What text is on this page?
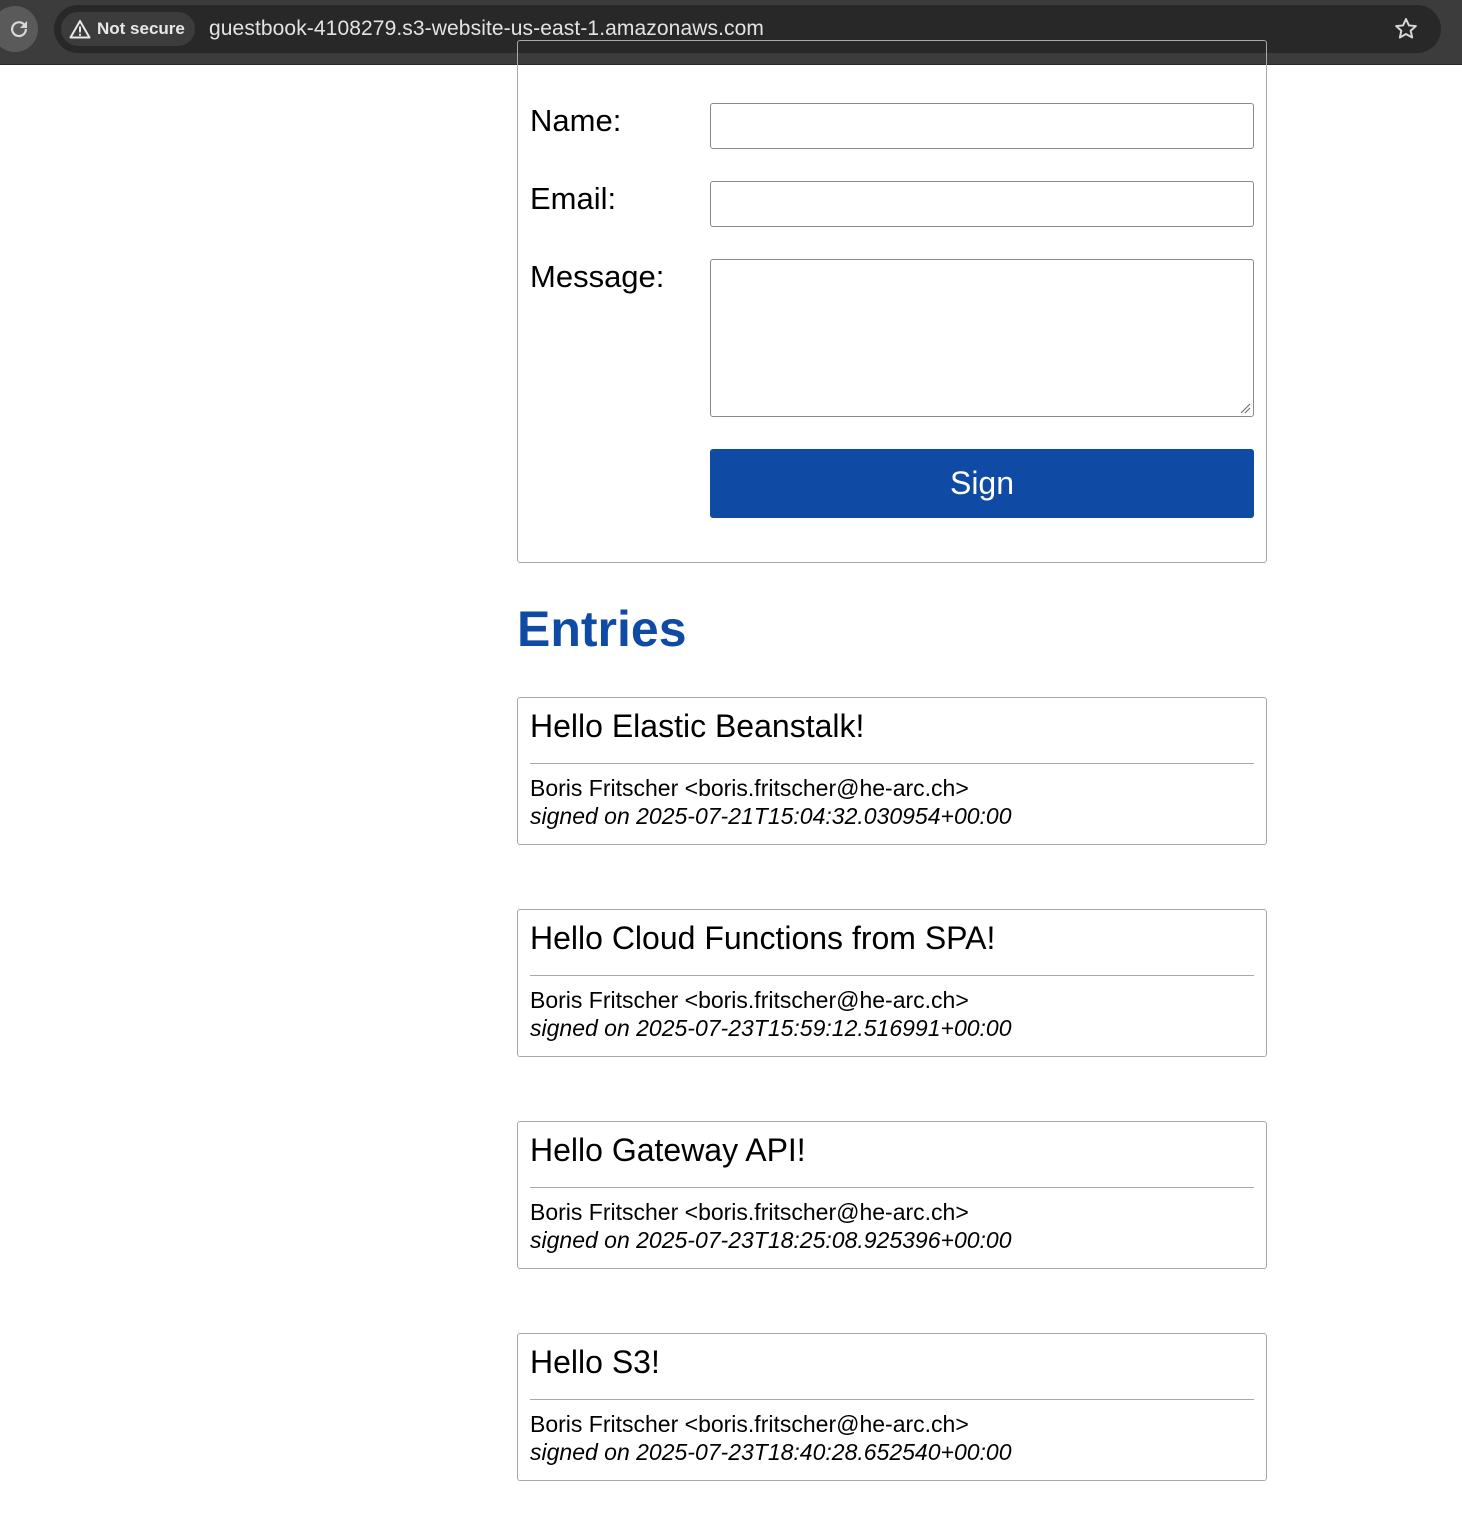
Not secure guestbook-4108279.s3-website-us-east-1.amazonaws.com
Name:
Email:
Message:
Sign
Entries
Hello Elastic Beanstalk!
Boris Fritscher <boris.fritscher@he-arc.ch>
signed on 2025-07-21T15:04:32.030954+00:00
Hello Cloud Functions from SPA!
Boris Fritscher <boris.fritscher@he-arc.ch>
signed on 2025-07-23T15:59:12.516991+00:00
Hello Gateway API!
Boris Fritscher <boris.fritscher@he-arc.ch>
signed on 2025-07-23T18:25:08.925396+00:00
Hello S3!
Boris Fritscher <boris.fritscher@he-arc.ch>
signed on 2025-07-23T18:40:28.652540+00:00
